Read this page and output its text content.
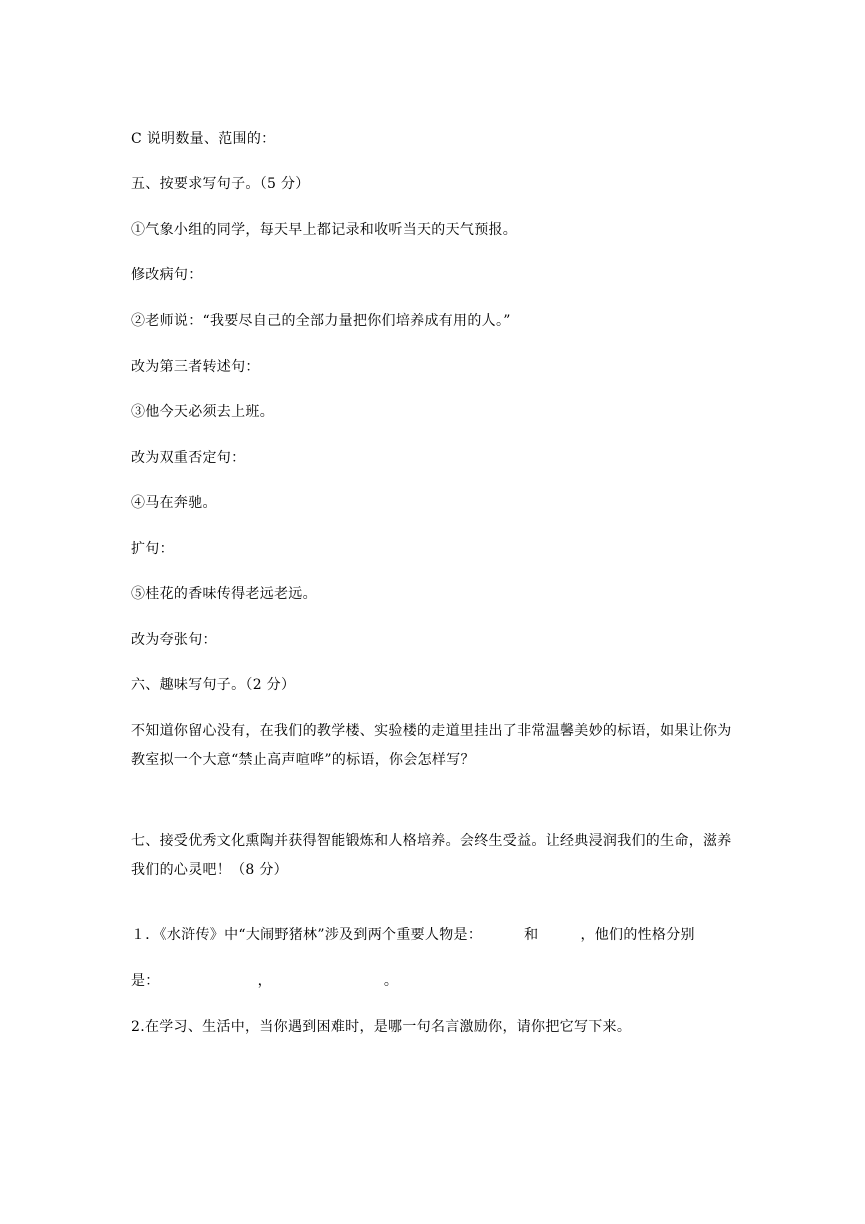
C 说明数量、范围的：
五、按要求写句子。（5 分）
①气象小组的同学，每天早上都记录和收听当天的天气预报。
修改病句：
②老师说：“我要尽自己的全部力量把你们培养成有用的人。”
改为第三者转述句：
③他今天必须去上班。
改为双重否定句：
④马在奔驰。
扩句：
⑤桂花的香味传得老远老远。
改为夸张句：
六、趣味写句子。（2 分）
不知道你留心没有，在我们的教学楼、实验楼的走道里挂出了非常温馨美妙的标语，如果让你为教室拟一个大意“禁止高声喧哗”的标语，你会怎样写？
七、接受优秀文化熏陶并获得智能锻炼和人格培养。会终生受益。让经典浸润我们的生命，滋养我们的心灵吧！（8 分）
１．《水浒传》中“大闹野猪林”涉及到两个重要人物是：	和	，他们的性格分别
是：	，	。
2.在学习、生活中，当你遇到困难时，是哪一句名言激励你，请你把它写下来。
